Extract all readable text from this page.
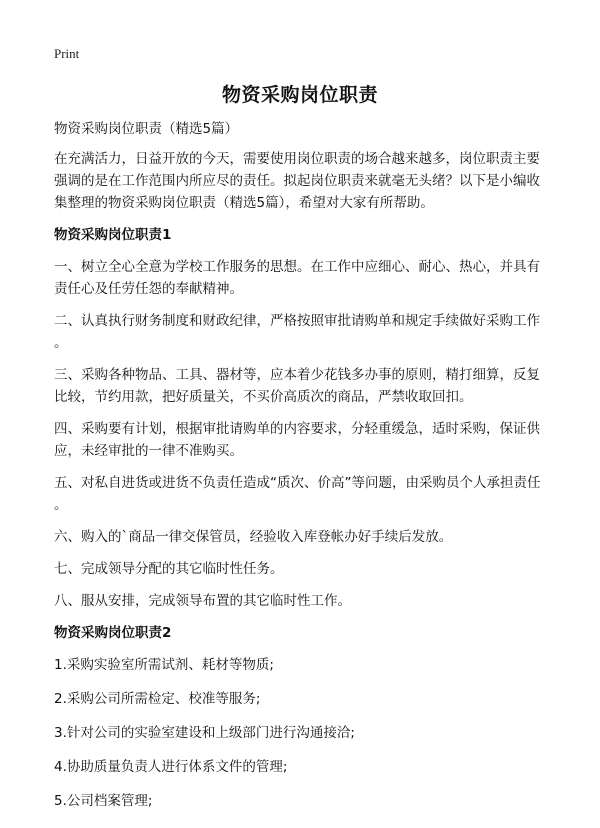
Print
物资采购岗位职责

物资采购岗位职责（精选5篇）

在充满活力，日益开放的今天，需要使用岗位职责的场合越来越多，岗位职责主要

强调的是在工作范围内所应尽的责任。拟起岗位职责来就毫无头绪？以下是小编收

集整理的物资采购岗位职责（精选5篇），希望对大家有所帮助。

物资采购岗位职责1

一、树立全心全意为学校工作服务的思想。在工作中应细心、耐心、热心，并具有

责任心及任劳任怨的奉献精神。

二、认真执行财务制度和财政纪律，严格按照审批请购单和规定手续做好采购工作

。

三、采购各种物品、工具、器材等，应本着少花钱多办事的原则，精打细算，反复

比较，节约用款，把好质量关，不买价高质次的商品，严禁收取回扣。

四、采购要有计划，根据审批请购单的内容要求，分轻重缓急，适时采购，保证供

应，未经审批的一律不准购买。

五、对私自进货或进货不负责任造成“质次、价高”等问题，由采购员个人承担责任

。

六、购入的`商品一律交保管员，经验收入库登帐办好手续后发放。

七、完成领导分配的其它临时性任务。

八、服从安排，完成领导布置的其它临时性工作。

物资采购岗位职责2

1.采购实验室所需试剂、耗材等物质;

2.采购公司所需检定、校准等服务;

3.针对公司的实验室建设和上级部门进行沟通接洽;

4.协助质量负责人进行体系文件的管理;

5.公司档案管理;
